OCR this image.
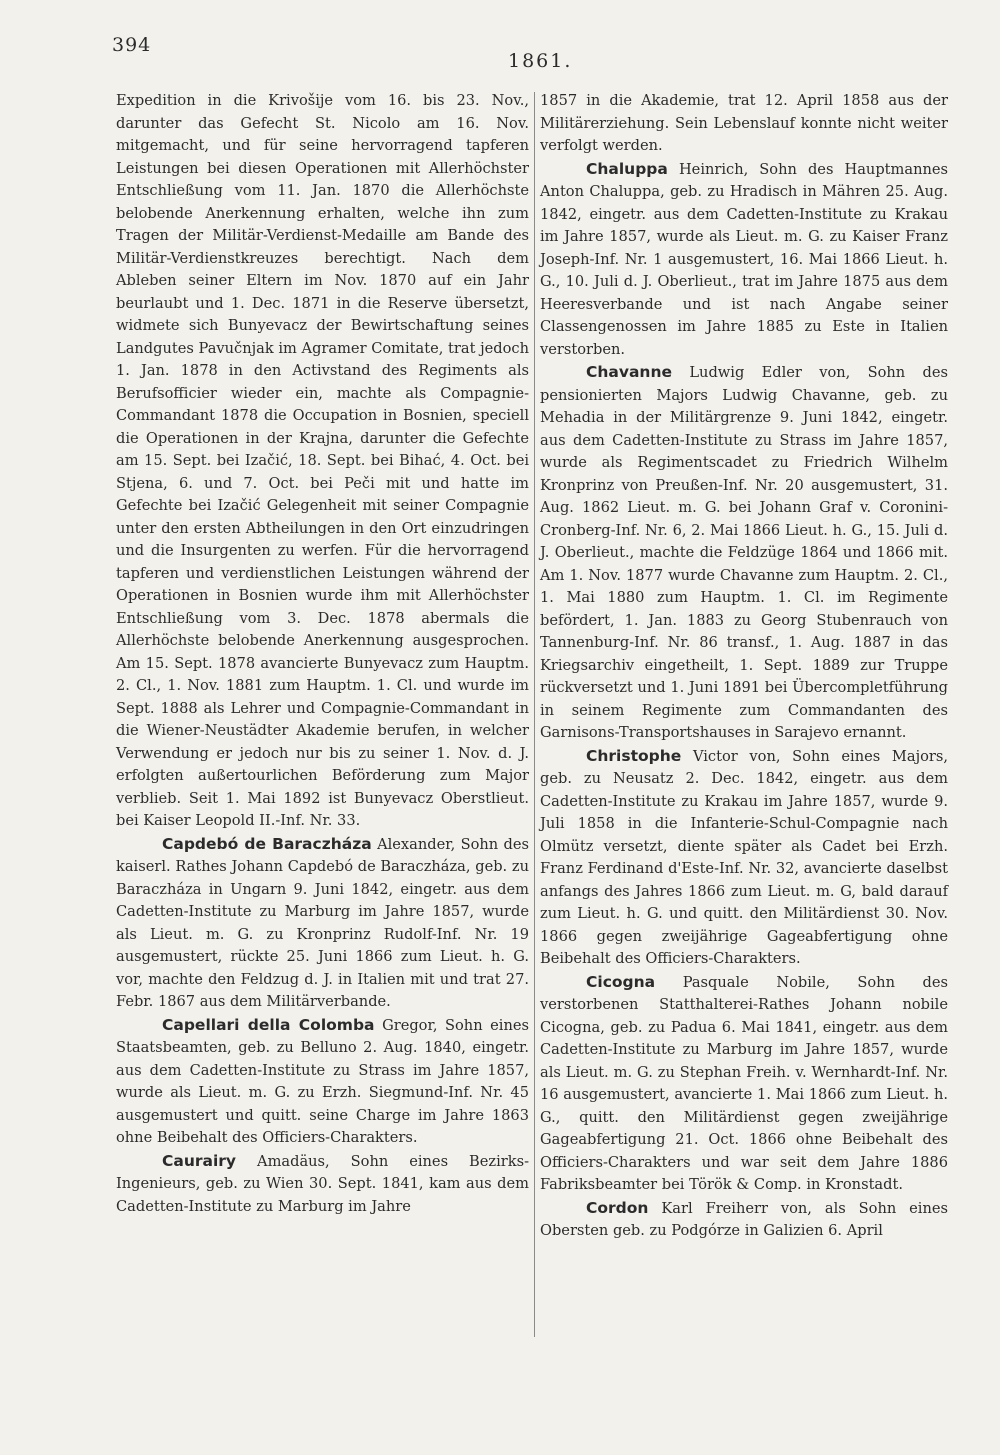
394
1861.

Expedition in die Krivošije vom 16. bis 23. Nov., darunter das Gefecht St. Nicolo am 16. Nov. mitgemacht, und für seine hervorragend tapferen Leistungen bei diesen Operationen mit Allerhöchster Entschließung vom 11. Jan. 1870 die Allerhöchste belobende Anerkennung erhalten, welche ihn zum Tragen der Militär-Verdienst-Medaille am Bande des Militär-Verdienstkreuzes berechtigt. Nach dem Ableben seiner Eltern im Nov. 1870 auf ein Jahr beurlaubt und 1. Dec. 1871 in die Reserve übersetzt, widmete sich Bunyevacz der Bewirtschaftung seines Landgutes Pavučnjak im Agramer Comitate, trat jedoch 1. Jan. 1878 in den Activstand des Regiments als Berufsofficier wieder ein, machte als Compagnie-Commandant 1878 die Occupation in Bosnien, speciell die Operationen in der Krajna, darunter die Gefechte am 15. Sept. bei Izačić, 18. Sept. bei Bihać, 4. Oct. bei Stjena, 6. und 7. Oct. bei Peči mit und hatte im Gefechte bei Izačić Gelegenheit mit seiner Compagnie unter den ersten Abtheilungen in den Ort einzudringen und die Insurgenten zu werfen. Für die hervorragend tapferen und verdienstlichen Leistungen während der Operationen in Bosnien wurde ihm mit Allerhöchster Entschließung vom 3. Dec. 1878 abermals die Allerhöchste belobende Anerkennung ausgesprochen. Am 15. Sept. 1878 avancierte Bunyevacz zum Hauptm. 2. Cl., 1. Nov. 1881 zum Hauptm. 1. Cl. und wurde im Sept. 1888 als Lehrer und Compagnie-Commandant in die Wiener-Neustädter Akademie berufen, in welcher Verwendung er jedoch nur bis zu seiner 1. Nov. d. J. erfolgten außertourlichen Beförderung zum Major verblieb. Seit 1. Mai 1892 ist Bunyevacz Oberstlieut. bei Kaiser Leopold II.-Inf. Nr. 33.

Capdebó de Baraczháza Alexander, Sohn des kaiserl. Rathes Johann Capdebó de Baraczháza, geb. zu Baraczháza in Ungarn 9. Juni 1842, eingetr. aus dem Cadetten-Institute zu Marburg im Jahre 1857, wurde als Lieut. m. G. zu Kronprinz Rudolf-Inf. Nr. 19 ausgemustert, rückte 25. Juni 1866 zum Lieut. h. G. vor, machte den Feldzug d. J. in Italien mit und trat 27. Febr. 1867 aus dem Militärverbande.

Capellari della Colomba Gregor, Sohn eines Staatsbeamten, geb. zu Belluno 2. Aug. 1840, eingetr. aus dem Cadetten-Institute zu Strass im Jahre 1857, wurde als Lieut. m. G. zu Erzh. Siegmund-Inf. Nr. 45 ausgemustert und quitt. seine Charge im Jahre 1863 ohne Beibehalt des Officiers-Charakters.

Caurairy Amadäus, Sohn eines Bezirks-Ingenieurs, geb. zu Wien 30. Sept. 1841, kam aus dem Cadetten-Institute zu Marburg im Jahre

1857 in die Akademie, trat 12. April 1858 aus der Militärerziehung. Sein Lebenslauf konnte nicht weiter verfolgt werden.

Chaluppa Heinrich, Sohn des Hauptmannes Anton Chaluppa, geb. zu Hradisch in Mähren 25. Aug. 1842, eingetr. aus dem Cadetten-Institute zu Krakau im Jahre 1857, wurde als Lieut. m. G. zu Kaiser Franz Joseph-Inf. Nr. 1 ausgemustert, 16. Mai 1866 Lieut. h. G., 10. Juli d. J. Oberlieut., trat im Jahre 1875 aus dem Heeresverbande und ist nach Angabe seiner Classengenossen im Jahre 1885 zu Este in Italien verstorben.

Chavanne Ludwig Edler von, Sohn des pensionierten Majors Ludwig Chavanne, geb. zu Mehadia in der Militärgrenze 9. Juni 1842, eingetr. aus dem Cadetten-Institute zu Strass im Jahre 1857, wurde als Regimentscadet zu Friedrich Wilhelm Kronprinz von Preußen-Inf. Nr. 20 ausgemustert, 31. Aug. 1862 Lieut. m. G. bei Johann Graf v. Coronini-Cronberg-Inf. Nr. 6, 2. Mai 1866 Lieut. h. G., 15. Juli d. J. Oberlieut., machte die Feldzüge 1864 und 1866 mit. Am 1. Nov. 1877 wurde Chavanne zum Hauptm. 2. Cl., 1. Mai 1880 zum Hauptm. 1. Cl. im Regimente befördert, 1. Jan. 1883 zu Georg Stubenrauch von Tannenburg-Inf. Nr. 86 transf., 1. Aug. 1887 in das Kriegsarchiv eingetheilt, 1. Sept. 1889 zur Truppe rückversetzt und 1. Juni 1891 bei Übercompletführung in seinem Regimente zum Commandanten des Garnisons-Transportshauses in Sarajevo ernannt.

Christophe Victor von, Sohn eines Majors, geb. zu Neusatz 2. Dec. 1842, eingetr. aus dem Cadetten-Institute zu Krakau im Jahre 1857, wurde 9. Juli 1858 in die Infanterie-Schul-Compagnie nach Olmütz versetzt, diente später als Cadet bei Erzh. Franz Ferdinand d'Este-Inf. Nr. 32, avancierte daselbst anfangs des Jahres 1866 zum Lieut. m. G, bald darauf zum Lieut. h. G. und quitt. den Militärdienst 30. Nov. 1866 gegen zweijährige Gageabfertigung ohne Beibehalt des Officiers-Charakters.

Cicogna Pasquale Nobile, Sohn des verstorbenen Statthalterei-Rathes Johann nobile Cicogna, geb. zu Padua 6. Mai 1841, eingetr. aus dem Cadetten-Institute zu Marburg im Jahre 1857, wurde als Lieut. m. G. zu Stephan Freih. v. Wernhardt-Inf. Nr. 16 ausgemustert, avancierte 1. Mai 1866 zum Lieut. h. G., quitt. den Militärdienst gegen zweijährige Gageabfertigung 21. Oct. 1866 ohne Beibehalt des Officiers-Charakters und war seit dem Jahre 1886 Fabriksbeamter bei Török & Comp. in Kronstadt.

Cordon Karl Freiherr von, als Sohn eines Obersten geb. zu Podgórze in Galizien 6. April
